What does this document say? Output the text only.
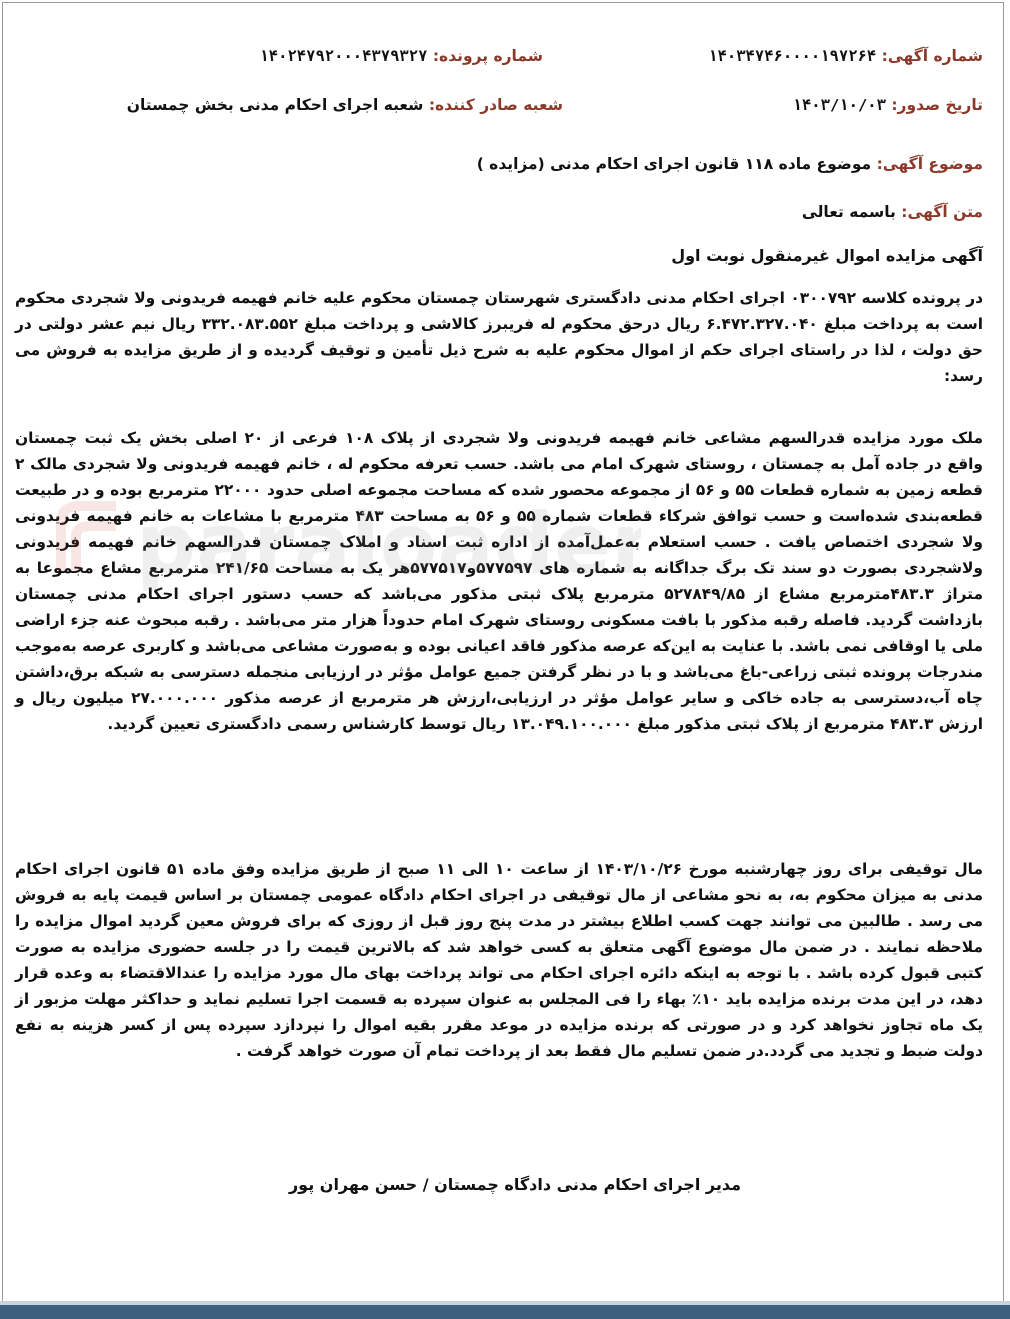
شماره آگهی: ۱۴۰۳۴۷۴۶۰۰۰۰۱۹۷۲۶۴
شماره پرونده: ۱۴۰۲۴۷۹۲۰۰۰۴۳۷۹۳۲۷
تاریخ صدور: ۱۴۰۳/۱۰/۰۳
شعبه صادر کننده: شعبه اجرای احکام مدنی بخش چمستان
موضوع آگهی: موضوع ماده ۱۱۸ قانون اجرای احکام مدنی (مزایده )
متن آگهی: باسمه تعالی
آگهی مزایده اموال غیرمنقول نوبت اول
در پرونده کلاسه ۰۳۰۰۷۹۲ اجرای احکام مدنی دادگستری شهرستان چمستان محکوم علیه خانم فهیمه فریدونی ولا شجردی محکوم است به پرداخت مبلغ ۶.۴۷۲.۳۲۷.۰۴۰ ریال درحق محکوم له فریبرز کالاشی و پرداخت مبلغ ۳۳۲.۰۸۳.۵۵۲ ریال نیم عشر دولتی در حق دولت ، لذا در راستای اجرای حکم از اموال محکوم علیه به شرح ذیل تأمین و توقیف گردیده و از طریق مزایده به فروش می رسد:
ملک مورد مزایده قدرالسهم مشاعی خانم فهیمه فریدونی ولا شجردی از پلاک ۱۰۸ فرعی از ۲۰ اصلی بخش یک ثبت چمستان واقع در جاده آمل به چمستان ، روستای شهرک امام می باشد. حسب تعرفه محکوم له ، خانم فهیمه فریدونی ولا شجردی مالک ۲ قطعه زمین به شماره قطعات ۵۵ و ۵۶ از مجموعه محصور شده که مساحت مجموعه اصلی حدود ۲۲۰۰۰ مترمربع بوده و در طبیعت قطعه‌بندی شده‌است و حسب توافق شرکاء قطعات شماره ۵۵ و ۵۶ به مساحت ۴۸۳ مترمربع با مشاعات به خانم فهیمه فریدونی ولا شجردی اختصاص یافت . حسب استعلام به‌عمل‌آمده از اداره ثبت اسناد و املاک چمستان قدرالسهم خانم فهیمه فریدونی ولاشجردی بصورت دو سند تک برگ جداگانه به شماره های ۵۷۷۵۹۷و۵۷۷۵۱۷هر یک به مساحت ۲۴۱/۶۵ مترمربع مشاع مجموعا به متراژ ۴۸۳.۳مترمربع مشاع از ۵۲۷۸۴۹/۸۵ مترمربع پلاک ثبتی مذکور می‌باشد که حسب دستور اجرای احکام مدنی چمستان بازداشت گردید. فاصله رقبه مذکور با بافت مسکونی روستای شهرک امام حدوداً هزار متر می‌باشد . رقبه مبحوث عنه جزء اراضی ملی یا اوقافی نمی باشد. با عنایت به این‌که عرصه مذکور فاقد اعیانی بوده و به‌صورت مشاعی می‌باشد و کاربری عرصه به‌موجب مندرجات پرونده ثبتی زراعی-باغ می‌باشد و با در نظر گرفتن جمیع عوامل مؤثر در ارزیابی منجمله دسترسی به شبکه برق،داشتن چاه آب،دسترسی به جاده خاکی و سایر عوامل مؤثر در ارزیابی،ارزش هر مترمربع از عرصه مذکور ۲۷.۰۰۰.۰۰۰ میلیون ریال و ارزش ۴۸۳.۳ مترمربع از پلاک ثبتی مذکور مبلغ ۱۳.۰۴۹.۱۰۰.۰۰۰ ریال توسط کارشناس رسمی دادگستری تعیین گردید.
مال توقیفی برای روز چهارشنبه مورخ ۱۴۰۳/۱۰/۲۶ از ساعت ۱۰ الی ۱۱ صبح از طریق مزایده وفق ماده ۵۱ قانون اجرای احکام مدنی به میزان محکوم به، به نحو مشاعی از مال توقیفی در اجرای احکام دادگاه عمومی چمستان بر اساس قیمت پایه به فروش می رسد . طالبین می توانند جهت کسب اطلاع بیشتر در مدت پنج روز قبل از روزی که برای فروش معین گردید اموال مزایده را ملاحظه نمایند . در ضمن مال موضوع آگهی متعلق به کسی خواهد شد که بالاترین قیمت را در جلسه حضوری مزایده به صورت کتبی قبول کرده باشد . با توجه به اینکه دائره اجرای احکام می تواند پرداخت بهای مال مورد مزایده را عندالاقتضاء به وعده قرار دهد، در این مدت برنده مزایده باید ۱۰٪ بهاء را فی المجلس به عنوان سپرده به قسمت اجرا تسلیم نماید و حداکثر مهلت مزبور از یک ماه تجاوز نخواهد کرد و در صورتی که برنده مزایده در موعد مقرر بقیه اموال را نپردازد سپرده پس از کسر هزینه به نفع دولت ضبط و تجدید می گردد.در ضمن تسلیم مال فقط بعد از پرداخت تمام آن صورت خواهد گرفت .
مدیر اجرای احکام مدنی دادگاه چمستان / حسن مهران پور
paraloader
